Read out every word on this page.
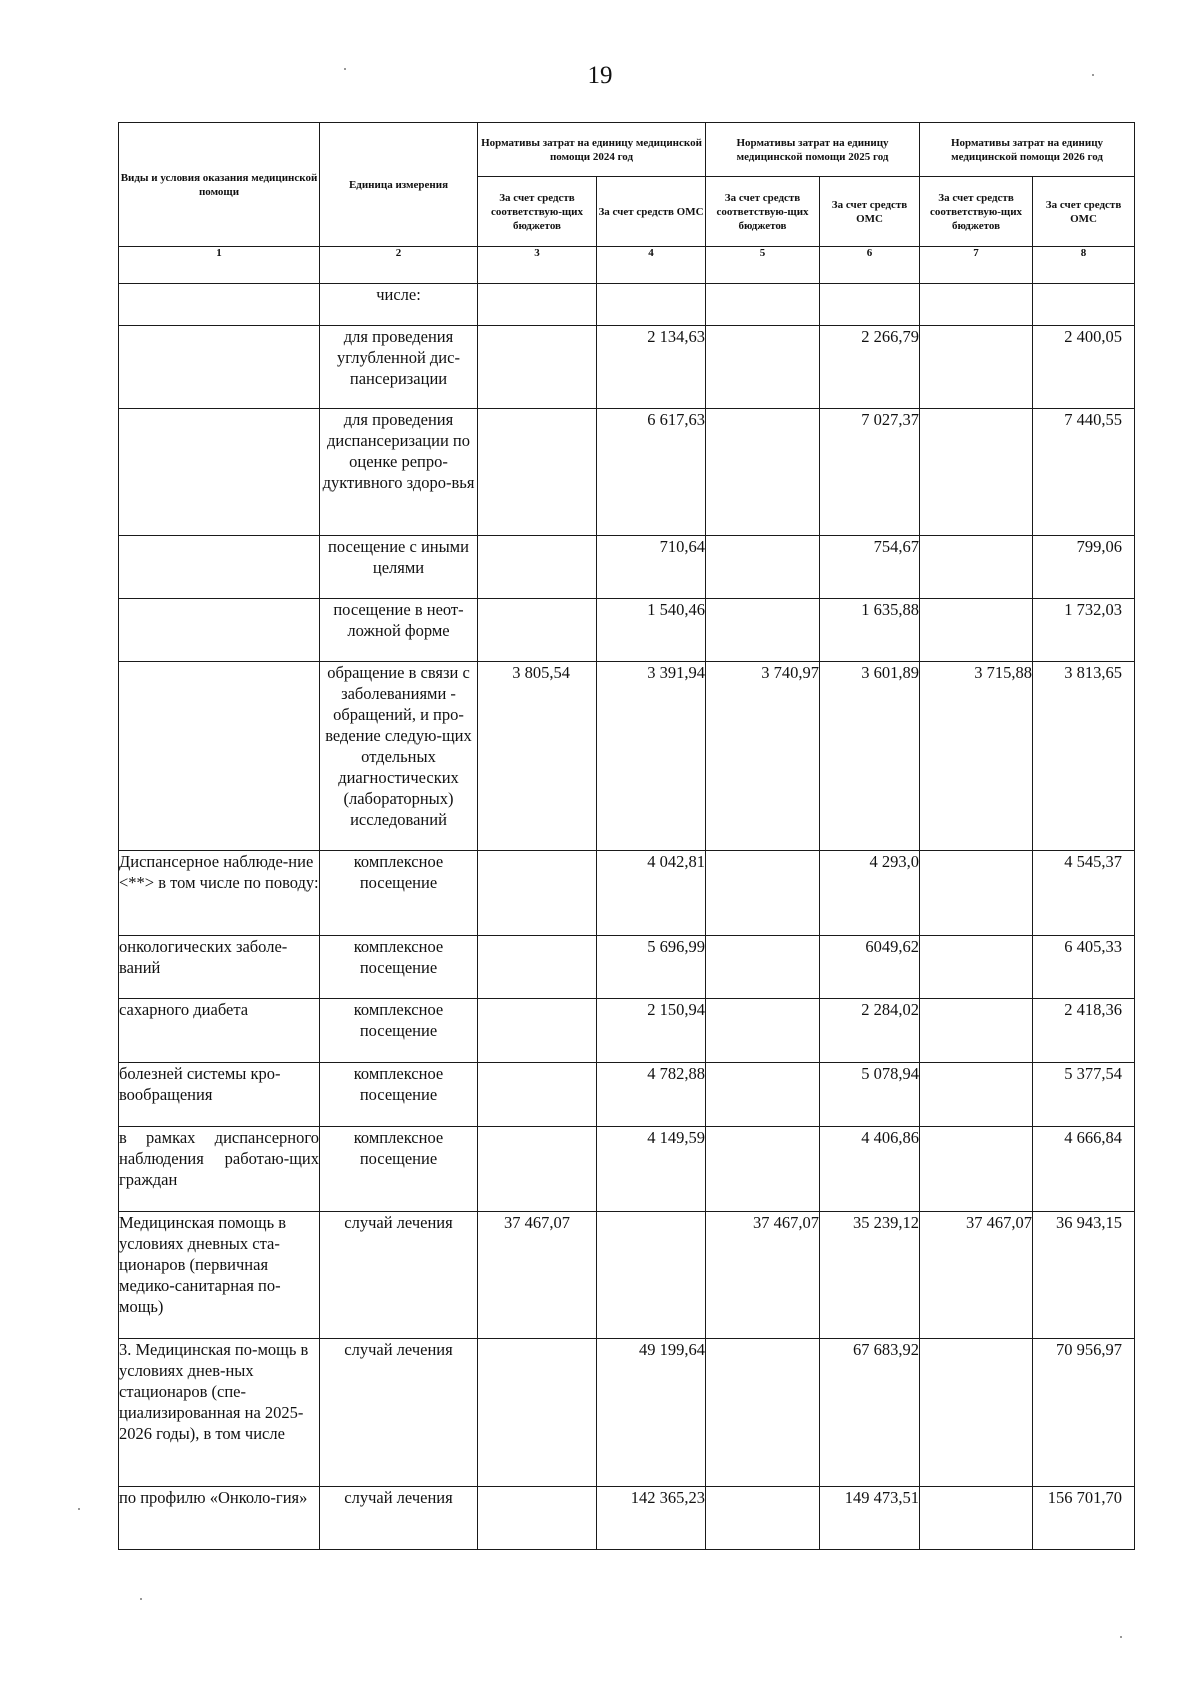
19
Виды и условия оказания медицинской помощи	Единица измерения	Нормативы затрат на единицу медицинской помощи 2024 год		Нормативы затрат на единицу медицинской помощи 2025 год		Нормативы затрат на единицу медицинской помощи 2026 год	
		За счет средств соответствую-щих бюджетов	За счет средств ОМС	За счет средств соответствую-щих бюджетов	За счет средств ОМС	За счет средств соответствую-щих бюджетов	За счет средств ОМС
1	2	3	4	5	6	7	8
	числе:						
	для проведения углубленной дис-пансеризации		2 134,63		2 266,79		2 400,05
	для проведения диспансеризации по оценке репро-дуктивного здоро-вья		6 617,63		7 027,37		7 440,55
	посещение с иными целями		710,64		754,67		799,06
	посещение в неот-ложной форме		1 540,46		1 635,88		1 732,03
	обращение в связи с заболеваниями - обращений, и про-ведение следую-щих отдельных диагностических (лабораторных) исследований	3 805,54	3 391,94	3 740,97	3 601,89	3 715,88	3 813,65
Диспансерное наблюде-ние <**> в том числе по поводу:	комплексное посещение		4 042,81		4 293,0		4 545,37
онкологических заболе-ваний	комплексное посещение		5 696,99		6049,62		6 405,33
сахарного диабета	комплексное посещение		2 150,94		2 284,02		2 418,36
болезней системы кро-вообращения	комплексное посещение		4 782,88		5 078,94		5 377,54
в рамках диспансерного наблюдения работаю-щих граждан	комплексное посещение		4 149,59		4 406,86		4 666,84
Медицинская помощь в условиях дневных ста-ционаров (первичная медико-санитарная по-мощь)	случай лечения	37 467,07		37 467,07	35 239,12	37 467,07	36 943,15
3. Медицинская по-мощь в условиях днев-ных стационаров (спе-циализированная на 2025-2026 годы), в том числе	случай лечения		49 199,64		67 683,92		70 956,97
по профилю «Онколо-гия»	случай лечения		142 365,23		149 473,51		156 701,70
